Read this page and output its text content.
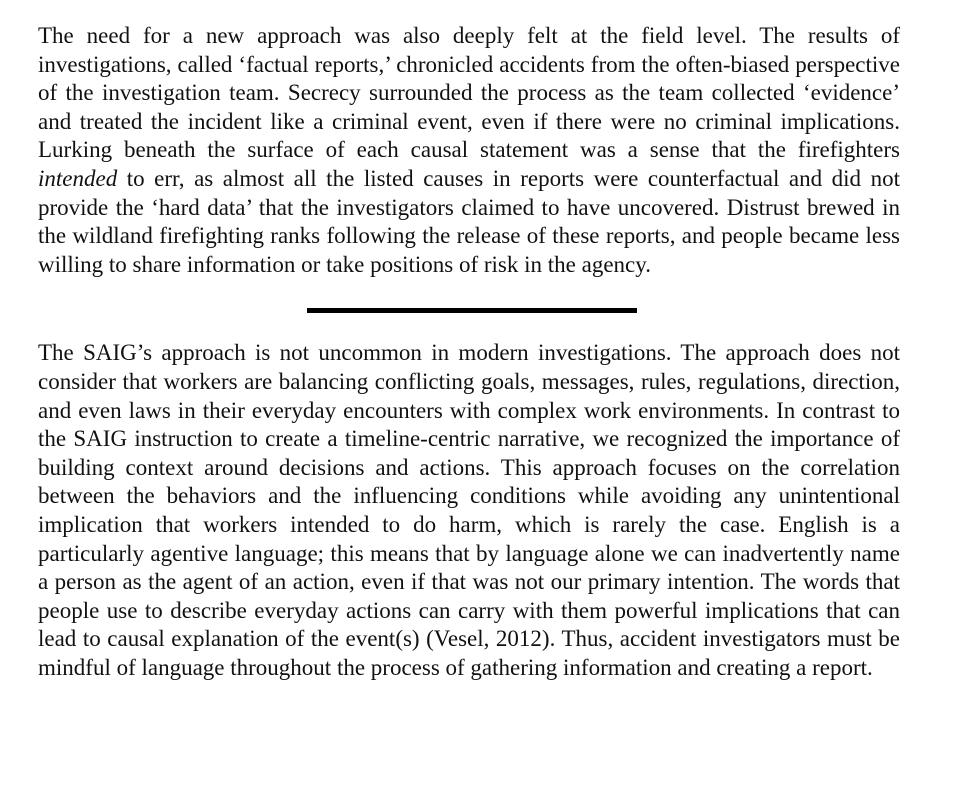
The need for a new approach was also deeply felt at the field level. The results of investigations, called ‘factual reports,’ chronicled accidents from the often-biased perspective of the investigation team. Secrecy surrounded the process as the team collected ‘evidence’ and treated the incident like a criminal event, even if there were no criminal implications. Lurking beneath the surface of each causal statement was a sense that the firefighters intended to err, as almost all the listed causes in reports were counterfactual and did not provide the ‘hard data’ that the investigators claimed to have uncovered. Distrust brewed in the wildland firefighting ranks following the release of these reports, and people became less willing to share information or take positions of risk in the agency.

The SAIG’s approach is not uncommon in modern investigations. The approach does not consider that workers are balancing conflicting goals, messages, rules, regulations, direction, and even laws in their everyday encounters with complex work environments. In contrast to the SAIG instruction to create a timeline-centric narrative, we recognized the importance of building context around decisions and actions. This approach focuses on the correlation between the behaviors and the influencing conditions while avoiding any unintentional implication that workers intended to do harm, which is rarely the case. English is a particularly agentive language; this means that by language alone we can inadvertently name a person as the agent of an action, even if that was not our primary intention. The words that people use to describe everyday actions can carry with them powerful implications that can lead to causal explanation of the event(s) (Vesel, 2012). Thus, accident investigators must be mindful of language throughout the process of gathering information and creating a report.
